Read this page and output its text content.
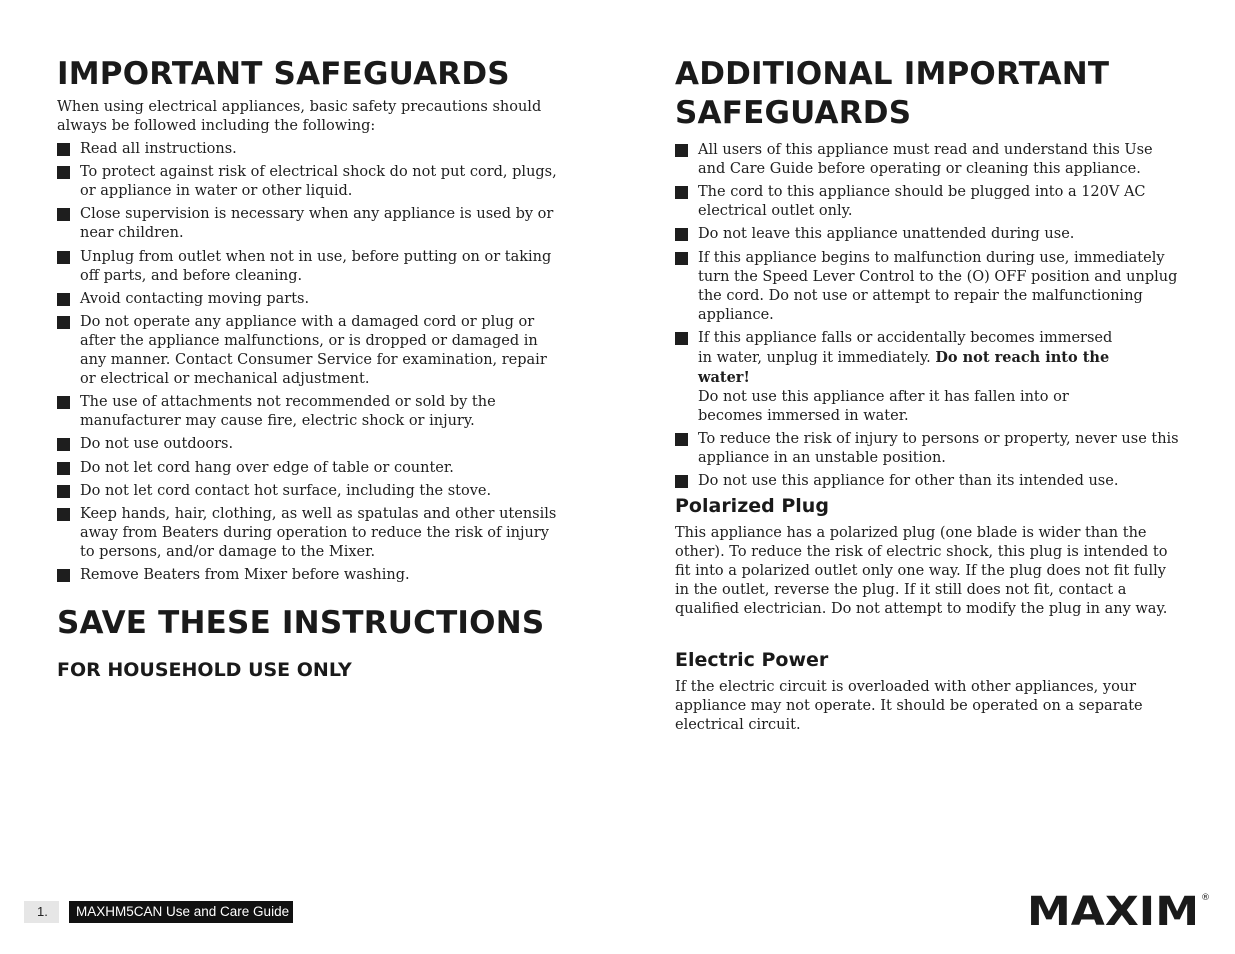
IMPORTANT SAFEGUARDS

When using electrical appliances, basic safety precautions should always be followed including the following:

Read all instructions.
To protect against risk of electrical shock do not put cord, plugs, or appliance in water or other liquid.
Close supervision is necessary when any appliance is used by or near children.
Unplug from outlet when not in use, before putting on or taking off parts, and before cleaning.
Avoid contacting moving parts.
Do not operate any appliance with a damaged cord or plug or after the appliance malfunctions, or is dropped or damaged in any manner. Contact Consumer Service for examination, repair or electrical or mechanical adjustment.
The use of attachments not recommended or sold by the manufacturer may cause fire, electric shock or injury.
Do not use outdoors.
Do not let cord hang over edge of table or counter.
Do not let cord contact hot surface, including the stove.
Keep hands, hair, clothing, as well as spatulas and other utensils away from Beaters during operation to reduce the risk of injury to persons, and/or damage to the Mixer.
Remove Beaters from Mixer before washing.
SAVE THESE INSTRUCTIONS
FOR HOUSEHOLD USE ONLY
ADDITIONAL IMPORTANT
SAFEGUARDS
All users of this appliance must read and understand this Use and Care Guide before operating or cleaning this appliance.
The cord to this appliance should be plugged into a 120V AC electrical outlet only.
Do not leave this appliance unattended during use.
If this appliance begins to malfunction during use, immediately turn the Speed Lever Control to the (O) OFF position and unplug the cord. Do not use or attempt to repair the malfunctioning appliance.
If this appliance falls or accidentally becomes immersed in water, unplug it immediately. Do not reach into the water!
Do not use this appliance after it has fallen into or becomes immersed in water.
To reduce the risk of injury to persons or property, never use this appliance in an unstable position.
Do not use this appliance for other than its intended use.
Polarized Plug

This appliance has a polarized plug (one blade is wider than the other). To reduce the risk of electric shock, this plug is intended to fit into a polarized outlet only one way. If the plug does not fit fully in the outlet, reverse the plug. If it still does not fit, contact a qualified electrician. Do not attempt to modify the plug in any way.

Electric Power

If the electric circuit is overloaded with other appliances, your appliance may not operate. It should be operated on a separate electrical circuit.

1.	MAXHM5CAN Use and Care Guide	MAXIM ®
